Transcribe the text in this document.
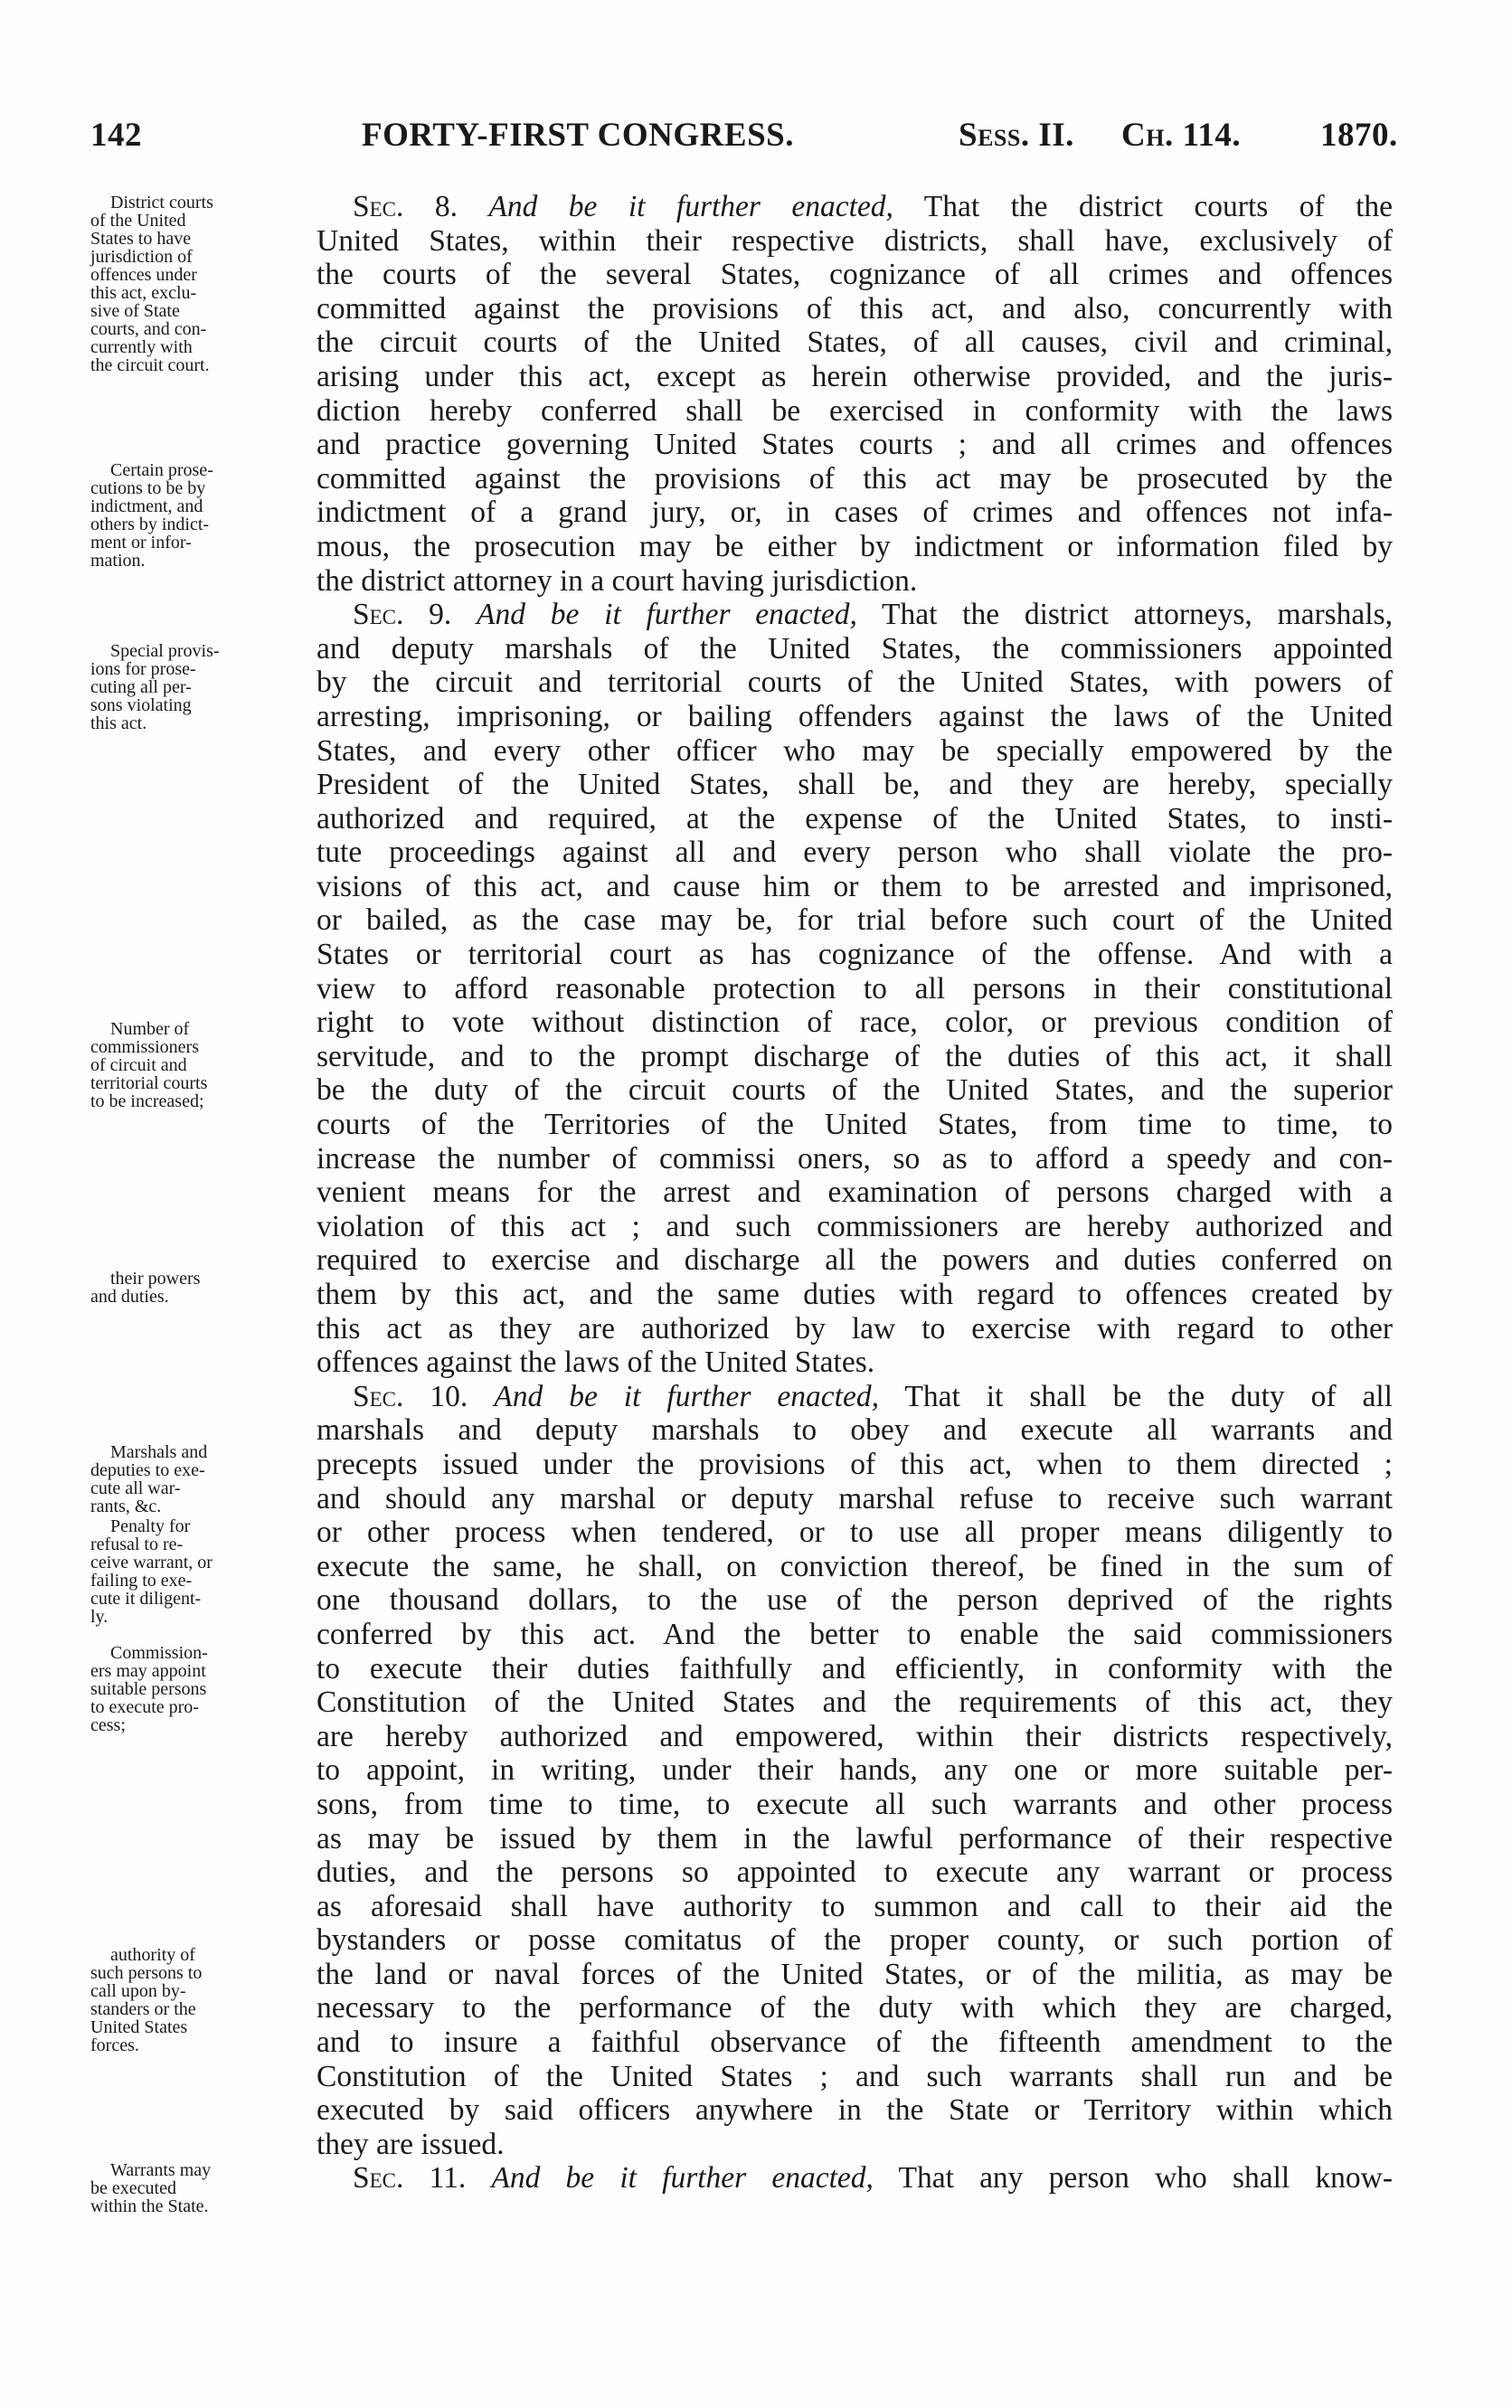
142	FORTY-FIRST CONGRESS.	Sess. II. Ch. 114. 1870.
District courts
of the United
States to have
jurisdiction of
offences under
this act, exclu-
sive of State
courts, and con-
currently with
the circuit court.
Certain prose-
cutions to be by
indictment, and
others by indict-
ment or infor-
mation.
Special provis-
ions for prose-
cuting all per-
sons violating
this act.
Number of
commissioners
of circuit and
territorial courts
to be increased;
their powers
and duties.
Marshals and
deputies to exe-
cute all war-
rants, &c.
Penalty for
refusal to re-
ceive warrant, or
failing to exe-
cute it diligent-
ly.
Commission-
ers may appoint
suitable persons
to execute pro-
cess;
authority of
such persons to
call upon by-
standers or the
United States
forces.
Warrants may
be executed
within the State.
Sec. 8. And be it further enacted, That the district courts of the
United States, within their respective districts, shall have, exclusively of
the courts of the several States, cognizance of all crimes and offences
committed against the provisions of this act, and also, concurrently with
the circuit courts of the United States, of all causes, civil and criminal,
arising under this act, except as herein otherwise provided, and the juris-
diction hereby conferred shall be exercised in conformity with the laws
and practice governing United States courts ; and all crimes and offences
committed against the provisions of this act may be prosecuted by the
indictment of a grand jury, or, in cases of crimes and offences not infa-
mous, the prosecution may be either by indictment or information filed by
the district attorney in a court having jurisdiction.
Sec. 9. And be it further enacted, That the district attorneys, marshals,
and deputy marshals of the United States, the commissioners appointed
by the circuit and territorial courts of the United States, with powers of
arresting, imprisoning, or bailing offenders against the laws of the United
States, and every other officer who may be specially empowered by the
President of the United States, shall be, and they are hereby, specially
authorized and required, at the expense of the United States, to insti-
tute proceedings against all and every person who shall violate the pro-
visions of this act, and cause him or them to be arrested and imprisoned,
or bailed, as the case may be, for trial before such court of the United
States or territorial court as has cognizance of the offense. And with a
view to afford reasonable protection to all persons in their constitutional
right to vote without distinction of race, color, or previous condition of
servitude, and to the prompt discharge of the duties of this act, it shall
be the duty of the circuit courts of the United States, and the superior
courts of the Territories of the United States, from time to time, to
increase the number of commissi oners, so as to afford a speedy and con-
venient means for the arrest and examination of persons charged with a
violation of this act ; and such commissioners are hereby authorized and
required to exercise and discharge all the powers and duties conferred on
them by this act, and the same duties with regard to offences created by
this act as they are authorized by law to exercise with regard to other
offences against the laws of the United States.
Sec. 10. And be it further enacted, That it shall be the duty of all
marshals and deputy marshals to obey and execute all warrants and
precepts issued under the provisions of this act, when to them directed ;
and should any marshal or deputy marshal refuse to receive such warrant
or other process when tendered, or to use all proper means diligently to
execute the same, he shall, on conviction thereof, be fined in the sum of
one thousand dollars, to the use of the person deprived of the rights
conferred by this act. And the better to enable the said commissioners
to execute their duties faithfully and efficiently, in conformity with the
Constitution of the United States and the requirements of this act, they
are hereby authorized and empowered, within their districts respectively,
to appoint, in writing, under their hands, any one or more suitable per-
sons, from time to time, to execute all such warrants and other process
as may be issued by them in the lawful performance of their respective
duties, and the persons so appointed to execute any warrant or process
as aforesaid shall have authority to summon and call to their aid the
bystanders or posse comitatus of the proper county, or such portion of
the land or naval forces of the United States, or of the militia, as may be
necessary to the performance of the duty with which they are charged,
and to insure a faithful observance of the fifteenth amendment to the
Constitution of the United States ; and such warrants shall run and be
executed by said officers anywhere in the State or Territory within which
they are issued.
Sec. 11. And be it further enacted, That any person who shall know-
